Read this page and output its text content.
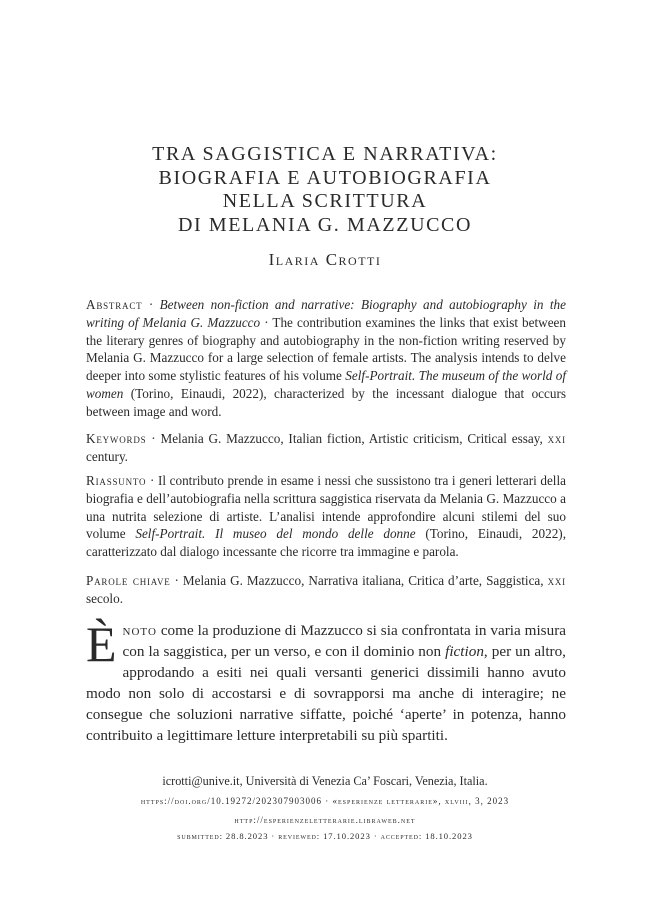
TRA SAGGISTICA E NARRATIVA:
BIOGRAFIA E AUTOBIOGRAFIA
NELLA SCRITTURA
DI MELANIA G. MAZZUCCO
Ilaria Crotti
Abstract · Between non-fiction and narrative: Biography and autobiography in the writing of Melania G. Mazzucco · The contribution examines the links that exist between the literary genres of biography and autobiography in the non-fiction writing reserved by Melania G. Mazzucco for a large selection of female artists. The analysis intends to delve deeper into some stylistic features of his volume Self-Portrait. The museum of the world of women (Torino, Einaudi, 2022), characterized by the incessant dialogue that occurs between image and word.
Keywords · Melania G. Mazzucco, Italian fiction, Artistic criticism, Critical essay, xxi century.
Riassunto · Il contributo prende in esame i nessi che sussistono tra i generi letterari della biografia e dell’autobiografia nella scrittura saggistica riservata da Melania G. Mazzucco a una nutrita selezione di artiste. L’analisi intende approfondire alcuni stilemi del suo volume Self-Portrait. Il museo del mondo delle donne (Torino, Einaudi, 2022), caratterizzato dal dialogo incessante che ricorre tra immagine e parola.
Parole chiave · Melania G. Mazzucco, Narrativa italiana, Critica d’arte, Saggistica, xxi secolo.
Ènoto come la produzione di Mazzucco si sia confrontata in varia misura con la saggistica, per un verso, e con il dominio non fiction, per un altro, approdando a esiti nei quali versanti generici dissimili hanno avuto modo non solo di accostarsi e di sovrapporsi ma anche di interagire; ne consegue che soluzioni narrative siffatte, poiché ‘aperte’ in potenza, hanno contribuito a legittimare letture interpretabili su più spartiti.
icrotti@unive.it, Università di Venezia Ca’ Foscari, Venezia, Italia.
https://doi.org/10.19272/202307903006 · «esperienze letterarie», xlviii, 3, 2023
http://esperienzeletterarie.libraweb.net
submitted: 28.8.2023 · reviewed: 17.10.2023 · accepted: 18.10.2023
